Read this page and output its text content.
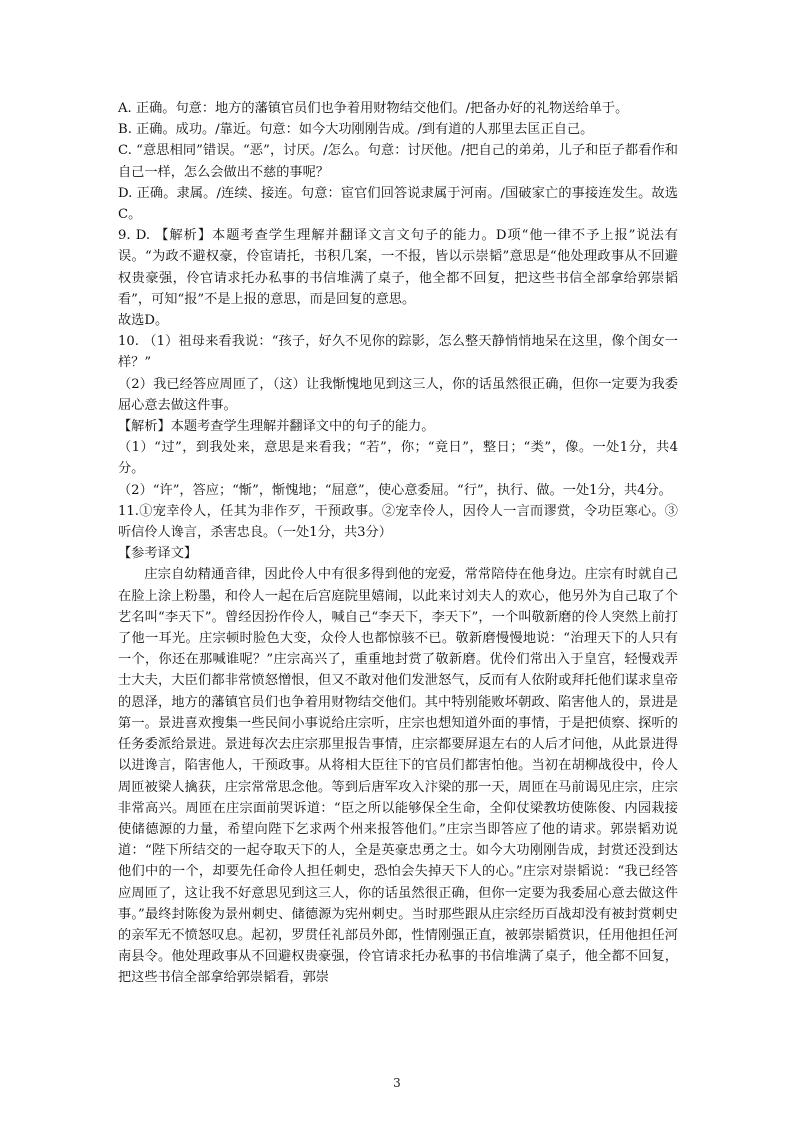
A. 正确。句意：地方的藩镇官员们也争着用财物结交他们。/把备办好的礼物送给单于。

B. 正确。成功。/靠近。句意：如今大功刚刚告成。/到有道的人那里去匡正自己。

C. “意思相同”错误。“恶”，讨厌。/怎么。句意：讨厌他。/把自己的弟弟，儿子和臣子都看作和自己一样，怎么会做出不慈的事呢？

D. 正确。隶属。/连续、接连。句意：宦官们回答说隶属于河南。/国破家亡的事接连发生。故选C。

9. D. 【解析】本题考查学生理解并翻译文言文句子的能力。D项“他一律不予上报”说法有误。“为政不避权豪，伶宦请托，书积几案，一不报，皆以示崇韬”意思是“他处理政事从不回避权贵豪强，伶官请求托办私事的书信堆满了桌子，他全都不回复，把这些书信全部拿给郭崇韬看”，可知“报”不是上报的意思，而是回复的意思。

故选D。

10. （1）祖母来看我说：“孩子，好久不见你的踪影，怎么整天静悄悄地呆在这里，像个闺女一样？”

（2）我已经答应周匝了，（这）让我惭愧地见到这三人，你的话虽然很正确，但你一定要为我委屈心意去做这件事。

【解析】本题考查学生理解并翻译文中的句子的能力。

（1）“过”，到我处来，意思是来看我；“若”，你；“竟日”，整日；“类”，像。一处1分，共4分。

（2）“许”，答应；“惭”，惭愧地；“屈意”，使心意委屈。“行”，执行、做。一处1分，共4分。

11.①宠幸伶人，任其为非作歹，干预政事。②宠幸伶人，因伶人一言而谬赏，令功臣寒心。③听信伶人谗言，杀害忠良。（一处1分，共3分）

【参考译文】

庄宗自幼精通音律，因此伶人中有很多得到他的宠爱，常常陪侍在他身边。庄宗有时就自己在脸上涂上粉墨，和伶人一起在后宫庭院里嬉闹，以此来讨刘夫人的欢心，他另外为自己取了个艺名叫“李天下”。曾经因扮作伶人，喊自己“李天下，李天下”，一个叫敬新磨的伶人突然上前打了他一耳光。庄宗顿时脸色大变，众伶人也都惊骇不已。敬新磨慢慢地说：“治理天下的人只有一个，你还在那喊谁呢？”庄宗高兴了，重重地封赏了敬新磨。优伶们常出入于皇宫，轻慢戏弄士大夫，大臣们都非常愤怒憎恨，但又不敢对他们发泄怒气，反而有人依附或拜托他们谋求皇帝的恩泽，地方的藩镇官员们也争着用财物结交他们。其中特别能败坏朝政、陷害他人的，景进是第一。景进喜欢搜集一些民间小事说给庄宗听，庄宗也想知道外面的事情，于是把侦察、探听的任务委派给景进。景进每次去庄宗那里报告事情，庄宗都要屏退左右的人后才问他，从此景进得以进谗言，陷害他人，干预政事。从将相大臣往下的官员们都害怕他。当初在胡柳战役中，伶人周匝被梁人擒获，庄宗常常思念他。等到后唐军攻入汴梁的那一天，周匝在马前谒见庄宗，庄宗非常高兴。周匝在庄宗面前哭诉道：“臣之所以能够保全生命，全仰仗梁教坊使陈俊、内园栽接使储德源的力量，希望向陛下乞求两个州来报答他们。”庄宗当即答应了他的请求。郭崇韬劝说道：“陛下所结交的一起夺取天下的人，全是英豪忠勇之士。如今大功刚刚告成，封赏还没到达他们中的一个，却要先任命伶人担任刺史，恐怕会失掉天下人的心。”庄宗对崇韬说：“我已经答应周匝了，这让我不好意思见到这三人，你的话虽然很正确，但你一定要为我委屈心意去做这件事。”最终封陈俊为景州刺史、储德源为宪州刺史。当时那些跟从庄宗经历百战却没有被封赏刺史的亲军无不愤怒叹息。起初，罗贯任礼部员外郎，性情刚强正直，被郭崇韬赏识，任用他担任河南县令。他处理政事从不回避权贵豪强，伶官请求托办私事的书信堆满了桌子，他全都不回复，把这些书信全部拿给郭崇韬看，郭崇

3
